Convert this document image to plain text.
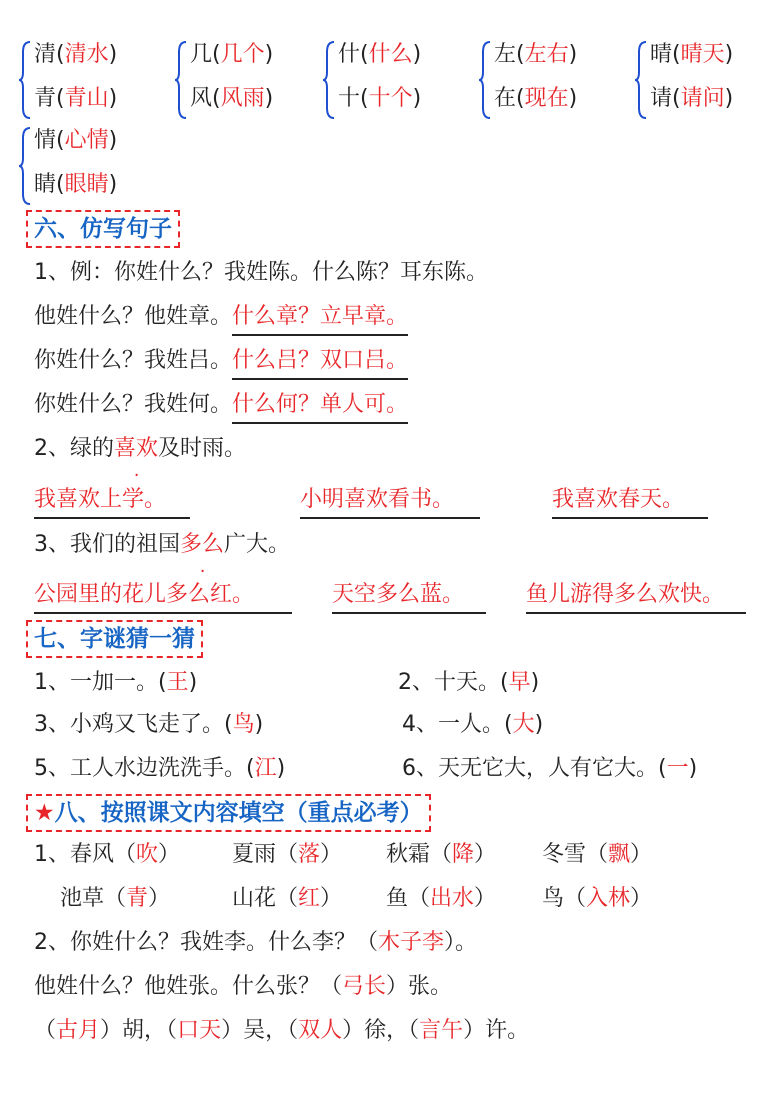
清(清水)
青(青山)
几(几个)
风(风雨)
什(什么)
十(十个)
左(左右)
在(现在)
晴(晴天)
请(请问)
情(心情)
睛(眼睛)
六、仿写句子
1、例：你姓什么？我姓陈。什么陈？耳东陈。
他姓什么？他姓章。什么章？立早章。
你姓什么？我姓吕。什么吕？双口吕。
你姓什么？我姓何。什么何？单人可。
2、绿的喜欢及时雨。
我喜欢上学。	小明喜欢看书。	我喜欢春天。
3、我们的祖国多么广大。
公园里的花儿多么红。	天空多么蓝。	鱼儿游得多么欢快。
七、字谜猜一猜
1、一加一。(王)	2、十天。(早)
3、小鸡又飞走了。(鸟)	4、一人。(大)
5、工人水边洗洗手。(江)	6、天无它大，人有它大。(一)
★八、按照课文内容填空（重点必考）
1、春风（吹） 夏雨（落） 秋霜（降） 冬雪（飘）
池草（青）	山花（红） 鱼（出水） 鸟（入林）
2、你姓什么？我姓李。什么李？（木子李）。
他姓什么？他姓张。什么张？（弓长）张。
（古月）胡，（口天）吴，（双人）徐，（言午）许。
